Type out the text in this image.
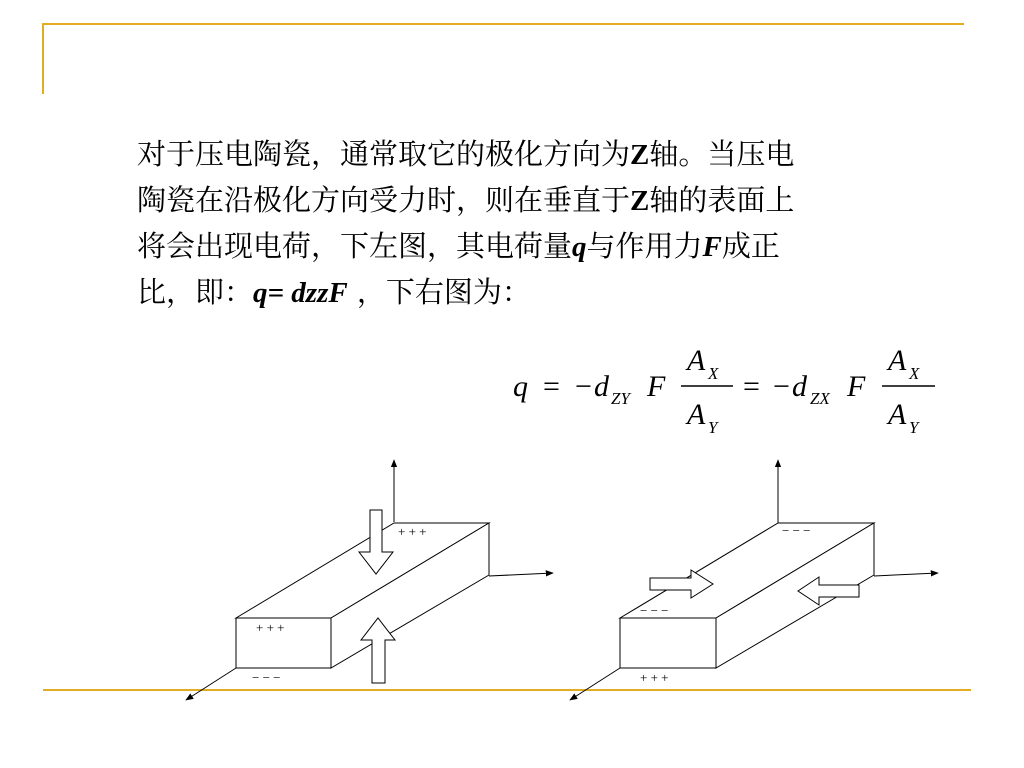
对于压电陶瓷，通常取它的极化方向为Z轴。当压电
陶瓷在沿极化方向受力时，则在垂直于Z轴的表面上
将会出现电荷，下左图，其电荷量q与作用力F成正
比，即：q= dzzF ，下右图为：
q = − d ZY F
A X
A Y
= − d ZX F
A X
A Y
+ + +
+ + +
− − −
− − −
− − −
+ + +
